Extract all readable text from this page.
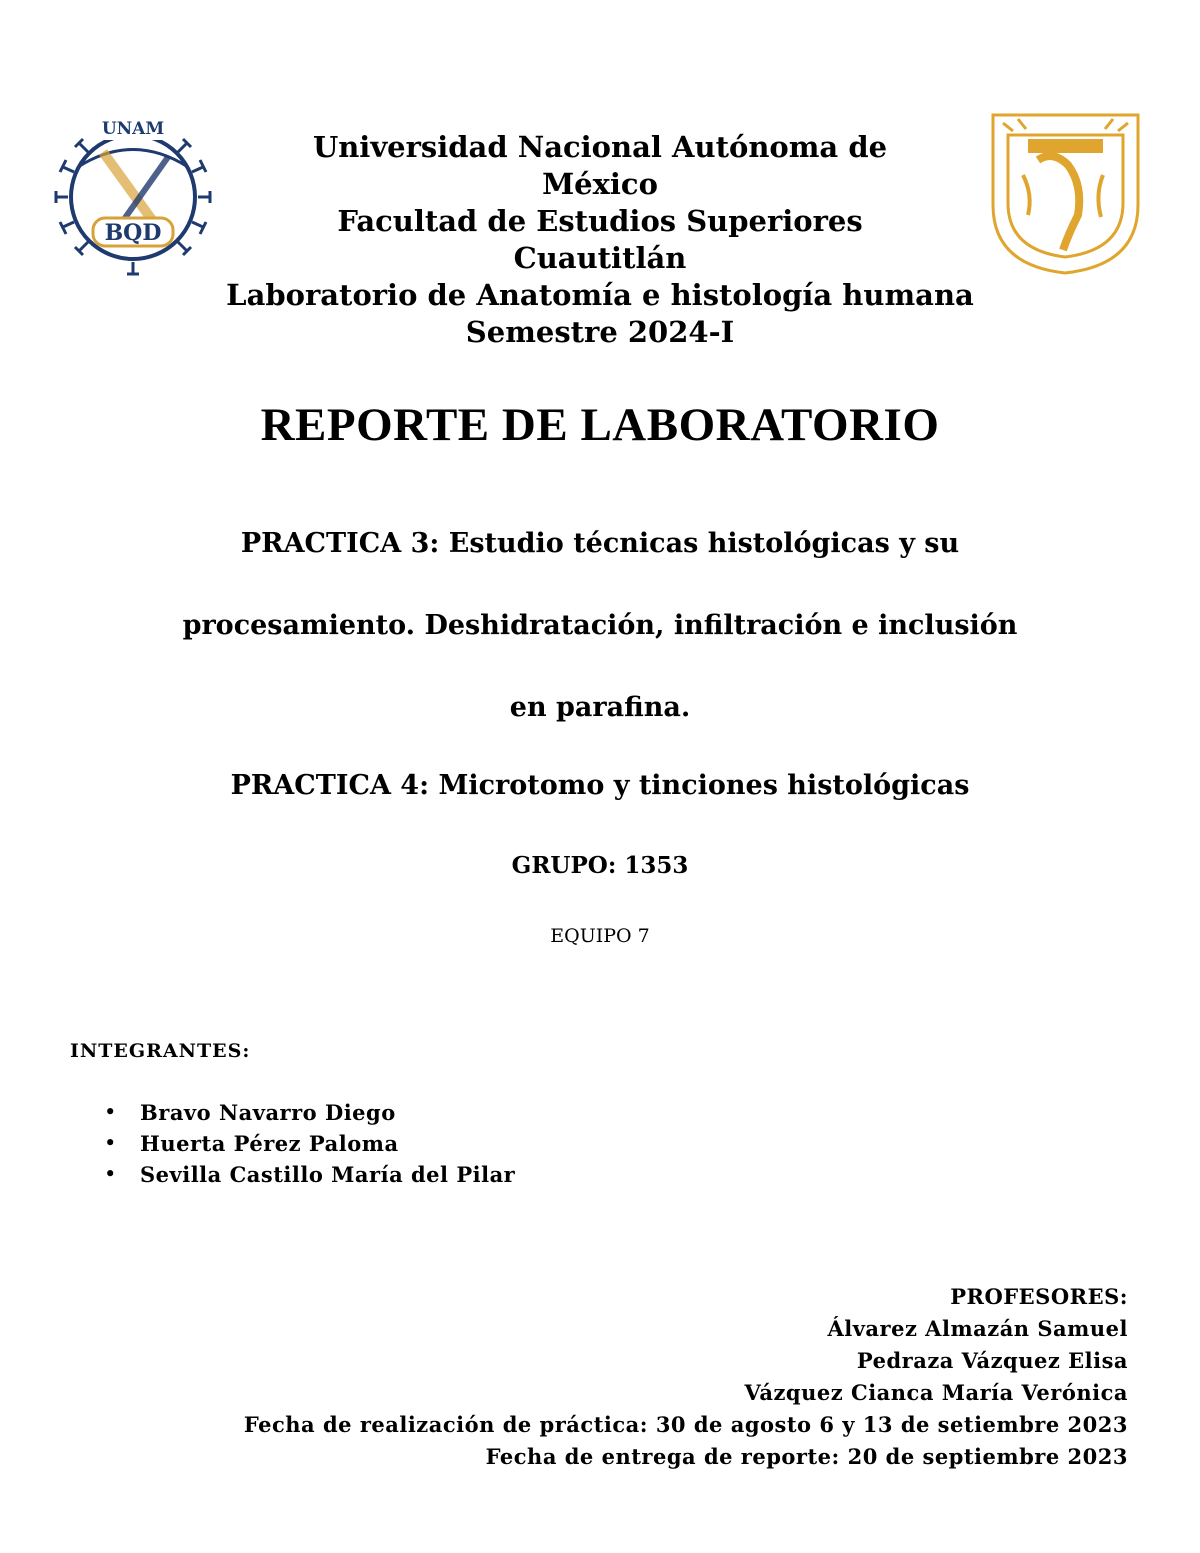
UNAM
BQD
Universidad Nacional Autónoma de
México
Facultad de Estudios Superiores
Cuautitlán
Laboratorio de Anatomía e histología humana
Semestre 2024-I
REPORTE DE LABORATORIO
PRACTICA 3: Estudio técnicas histológicas y su
procesamiento. Deshidratación, infiltración e inclusión
en parafina.
PRACTICA 4: Microtomo y tinciones histológicas
GRUPO: 1353
EQUIPO 7
INTEGRANTES:
• Bravo Navarro Diego
• Huerta Pérez Paloma
• Sevilla Castillo María del Pilar
PROFESORES:
Álvarez Almazán Samuel
Pedraza Vázquez Elisa
Vázquez Cianca María Verónica
Fecha de realización de práctica: 30 de agosto 6 y 13 de setiembre 2023
Fecha de entrega de reporte: 20 de septiembre 2023
